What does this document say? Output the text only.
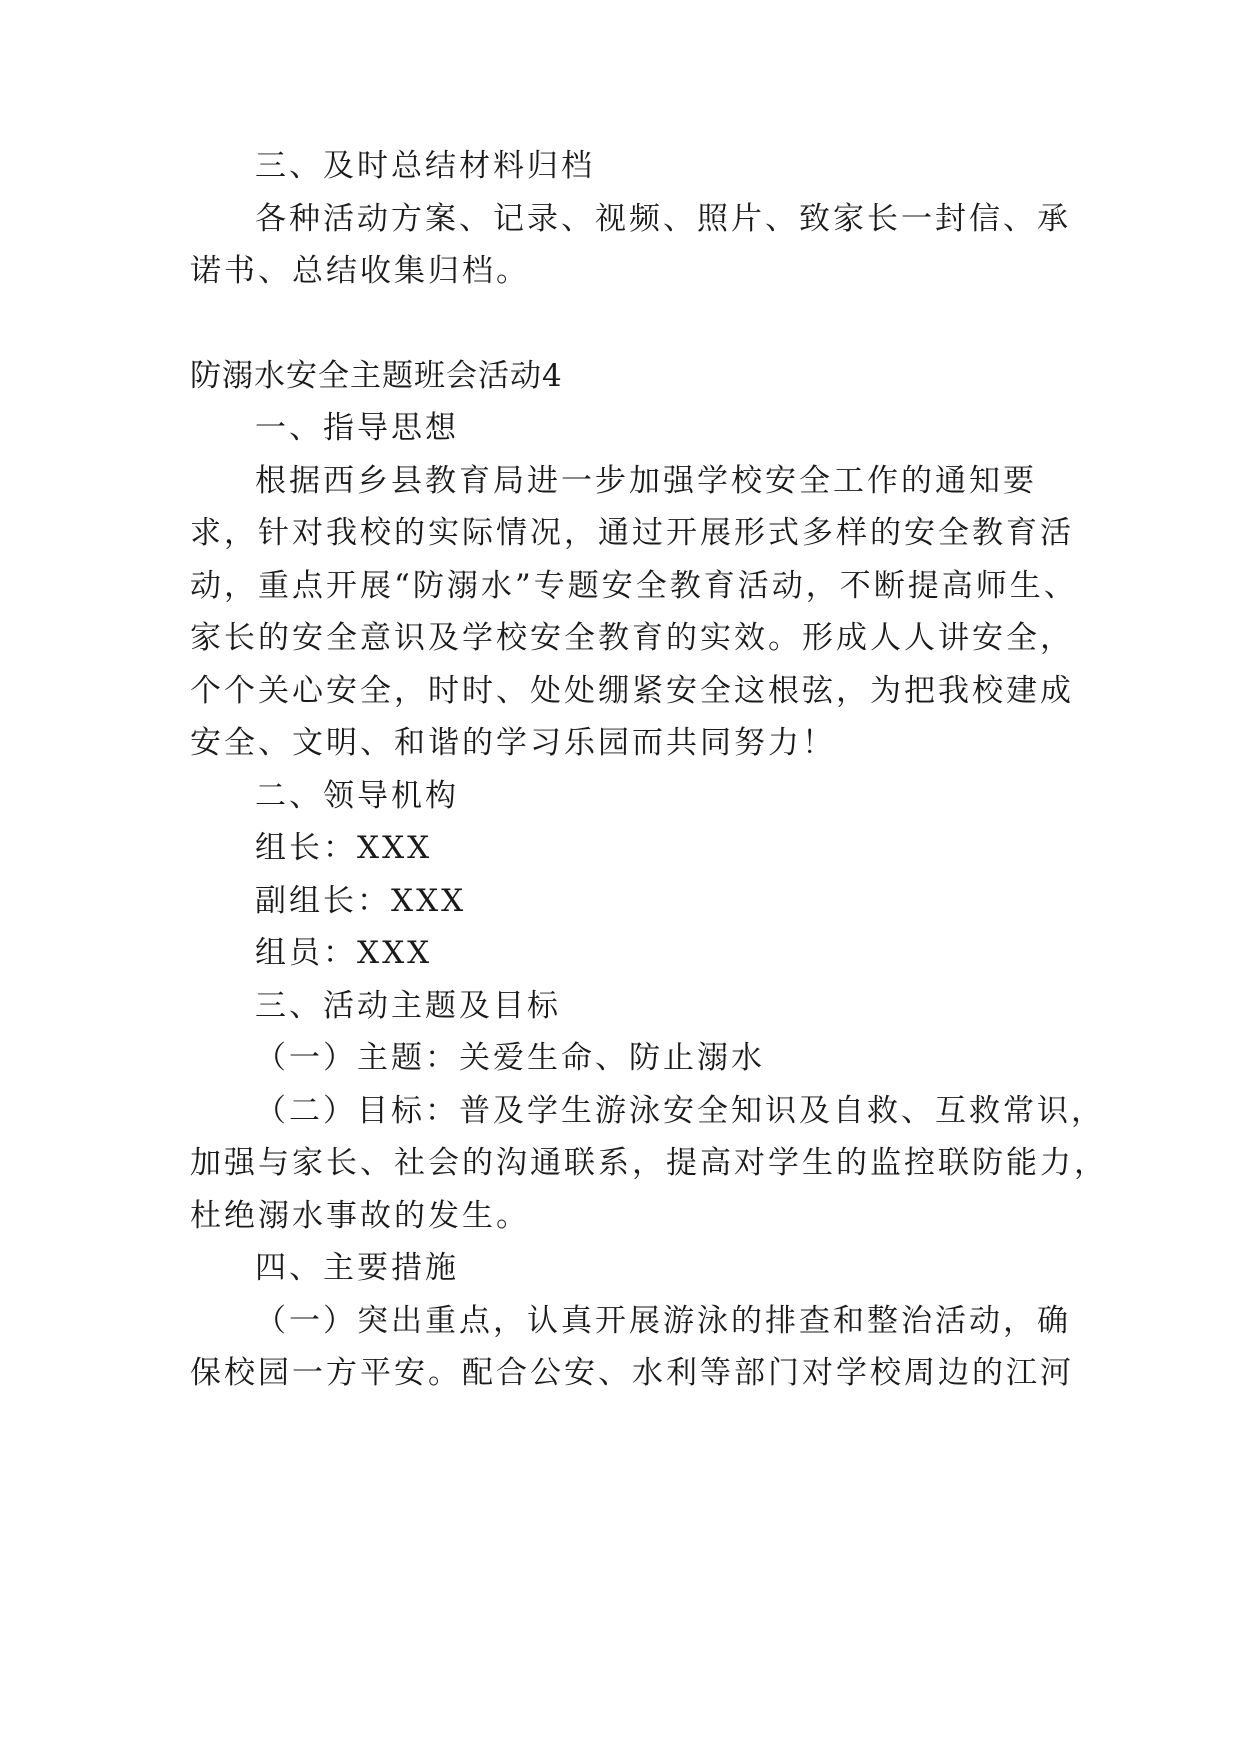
三、及时总结材料归档
各种活动方案、记录、视频、照片、致家长一封信、承
诺书、总结收集归档。
防溺水安全主题班会活动4
一、指导思想
根据西乡县教育局进一步加强学校安全工作的通知要
求，针对我校的实际情况，通过开展形式多样的安全教育活
动，重点开展“防溺水”专题安全教育活动，不断提高师生、
家长的安全意识及学校安全教育的实效。形成人人讲安全，
个个关心安全，时时、处处绷紧安全这根弦，为把我校建成
安全、文明、和谐的学习乐园而共同努力！
二、领导机构
组长：XXX
副组长：XXX
组员：XXX
三、活动主题及目标
（一）主题：关爱生命、防止溺水
（二）目标：普及学生游泳安全知识及自救、互救常识，
加强与家长、社会的沟通联系，提高对学生的监控联防能力，
杜绝溺水事故的发生。
四、主要措施
（一）突出重点，认真开展游泳的排查和整治活动，确
保校园一方平安。配合公安、水利等部门对学校周边的江河
